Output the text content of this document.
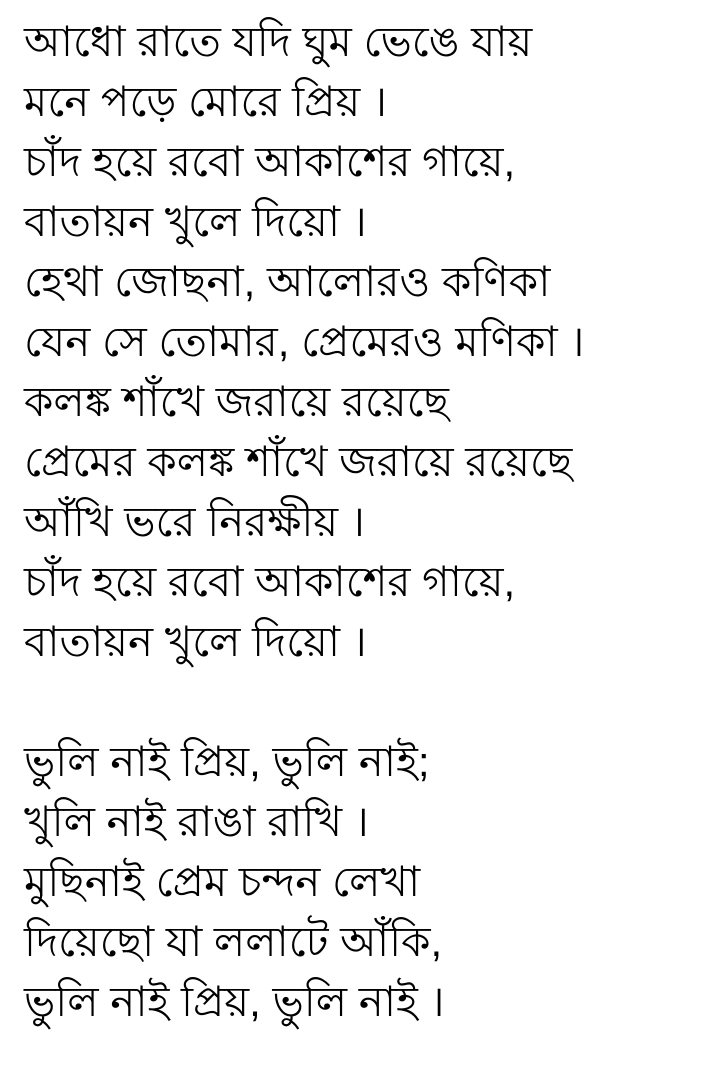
আধো রাতে যদি ঘুম ভেঙে যায়
মনে পড়ে মোরে প্রিয় ।
চাঁদ হয়ে রবো আকাশের গায়ে,
বাতায়ন খুলে দিয়ো ।
হেথা জোছনা, আলোরও কণিকা
যেন সে তোমার, প্রেমেরও মণিকা ।
কলঙ্ক শাঁখে জরায়ে রয়েছে
প্রেমের কলঙ্ক শাঁখে জরায়ে রয়েছে
আঁখি ভরে নিরক্ষীয় ।
চাঁদ হয়ে রবো আকাশের গায়ে,
বাতায়ন খুলে দিয়ো ।
ভুলি নাই প্রিয়, ভুলি নাই;
খুলি নাই রাঙা রাখি ।
মুছিনাই প্রেম চন্দন লেখা
দিয়েছো যা ললাটে আঁকি,
ভুলি নাই প্রিয়, ভুলি নাই ।
